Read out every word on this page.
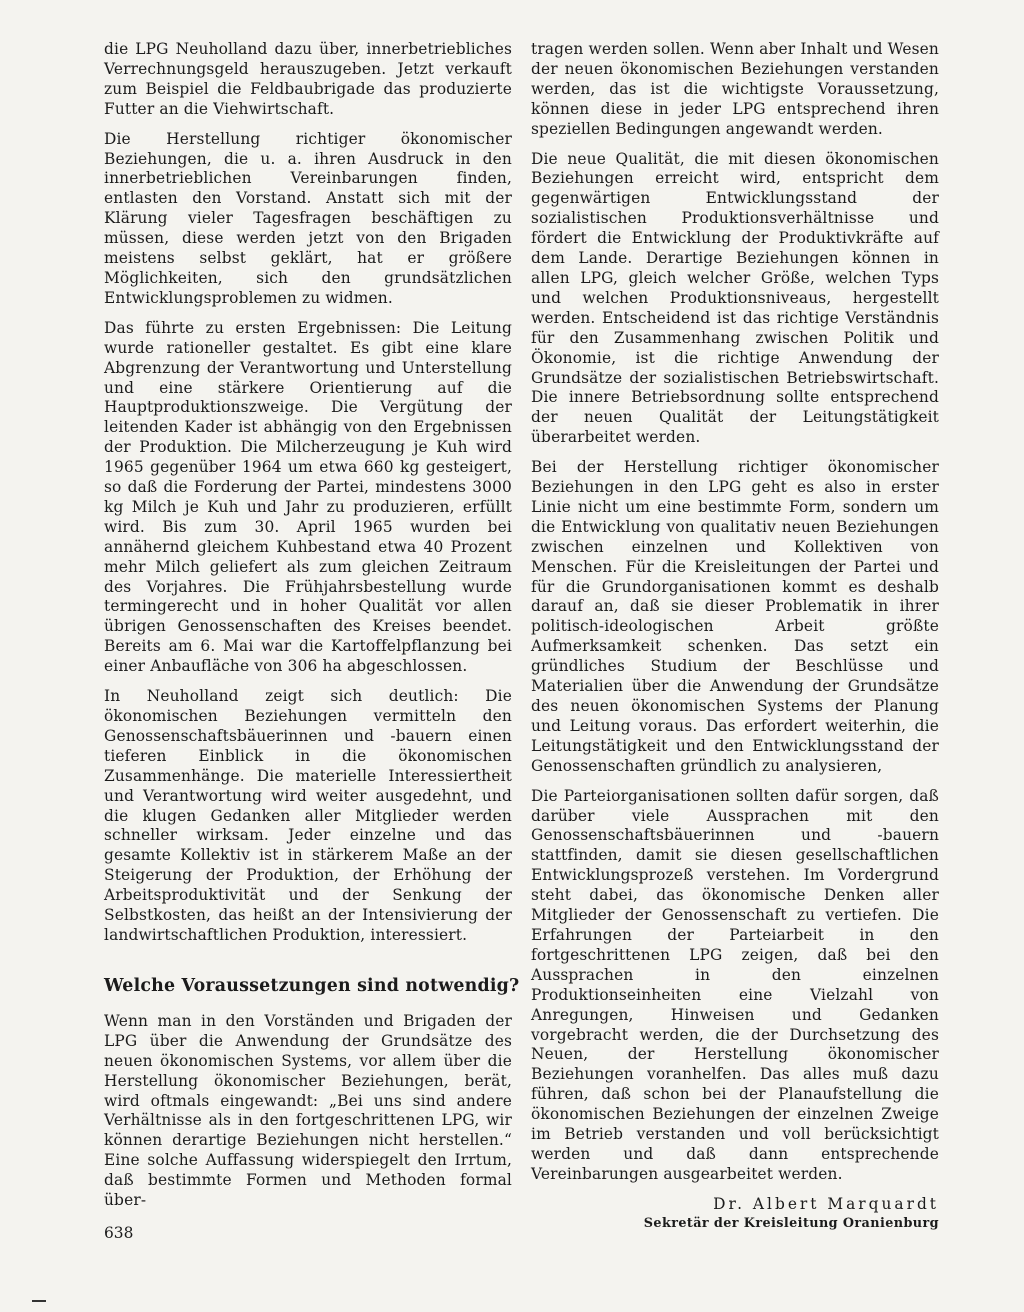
die LPG Neuholland dazu über, innerbetriebliches Verrechnungsgeld herauszugeben. Jetzt verkauft zum Beispiel die Feldbaubrigade das produzierte Futter an die Viehwirtschaft.

Die Herstellung richtiger ökonomischer Beziehungen, die u. a. ihren Ausdruck in den innerbetrieblichen Vereinbarungen finden, entlasten den Vorstand. Anstatt sich mit der Klärung vieler Tagesfragen beschäftigen zu müssen, diese werden jetzt von den Brigaden meistens selbst geklärt, hat er größere Möglichkeiten, sich den grundsätzlichen Entwicklungsproblemen zu widmen.

Das führte zu ersten Ergebnissen: Die Leitung wurde rationeller gestaltet. Es gibt eine klare Abgrenzung der Verantwortung und Unterstellung und eine stärkere Orientierung auf die Hauptproduktionszweige. Die Vergütung der leitenden Kader ist abhängig von den Ergebnissen der Produktion. Die Milcherzeugung je Kuh wird 1965 gegenüber 1964 um etwa 660 kg gesteigert, so daß die Forderung der Partei, mindestens 3000 kg Milch je Kuh und Jahr zu produzieren, erfüllt wird. Bis zum 30. April 1965 wurden bei annähernd gleichem Kuhbestand etwa 40 Prozent mehr Milch geliefert als zum gleichen Zeitraum des Vorjahres. Die Frühjahrsbestellung wurde termingerecht und in hoher Qualität vor allen übrigen Genossenschaften des Kreises beendet. Bereits am 6. Mai war die Kartoffelpflanzung bei einer Anbaufläche von 306 ha abgeschlossen.

In Neuholland zeigt sich deutlich: Die ökonomischen Beziehungen vermitteln den Genossenschaftsbäuerinnen und -bauern einen tieferen Einblick in die ökonomischen Zusammenhänge. Die materielle Interessiertheit und Verantwortung wird weiter ausgedehnt, und die klugen Gedanken aller Mitglieder werden schneller wirksam. Jeder einzelne und das gesamte Kollektiv ist in stärkerem Maße an der Steigerung der Produktion, der Erhöhung der Arbeitsproduktivität und der Senkung der Selbstkosten, das heißt an der Intensivierung der landwirtschaftlichen Produktion, interessiert.

Welche Voraussetzungen sind notwendig?

Wenn man in den Vorständen und Brigaden der LPG über die Anwendung der Grundsätze des neuen ökonomischen Systems, vor allem über die Herstellung ökonomischer Beziehungen, berät, wird oftmals eingewandt: „Bei uns sind andere Verhältnisse als in den fortgeschrittenen LPG, wir können derartige Beziehungen nicht herstellen.“ Eine solche Auffassung widerspiegelt den Irrtum, daß bestimmte Formen und Methoden formal über-

tragen werden sollen. Wenn aber Inhalt und Wesen der neuen ökonomischen Beziehungen verstanden werden, das ist die wichtigste Voraussetzung, können diese in jeder LPG entsprechend ihren speziellen Bedingungen angewandt werden.

Die neue Qualität, die mit diesen ökonomischen Beziehungen erreicht wird, entspricht dem gegenwärtigen Entwicklungsstand der sozialistischen Produktionsverhältnisse und fördert die Entwicklung der Produktivkräfte auf dem Lande. Derartige Beziehungen können in allen LPG, gleich welcher Größe, welchen Typs und welchen Produktionsniveaus, hergestellt werden. Entscheidend ist das richtige Verständnis für den Zusammenhang zwischen Politik und Ökonomie, ist die richtige Anwendung der Grundsätze der sozialistischen Betriebswirtschaft. Die innere Betriebsordnung sollte entsprechend der neuen Qualität der Leitungstätigkeit überarbeitet werden.

Bei der Herstellung richtiger ökonomischer Beziehungen in den LPG geht es also in erster Linie nicht um eine bestimmte Form, sondern um die Entwicklung von qualitativ neuen Beziehungen zwischen einzelnen und Kollektiven von Menschen. Für die Kreisleitungen der Partei und für die Grundorganisationen kommt es deshalb darauf an, daß sie dieser Problematik in ihrer politisch-ideologischen Arbeit größte Aufmerksamkeit schenken. Das setzt ein gründliches Studium der Beschlüsse und Materialien über die Anwendung der Grundsätze des neuen ökonomischen Systems der Planung und Leitung voraus. Das erfordert weiterhin, die Leitungstätigkeit und den Entwicklungsstand der Genossenschaften gründlich zu analysieren,

Die Parteiorganisationen sollten dafür sorgen, daß darüber viele Aussprachen mit den Genossenschaftsbäuerinnen und -bauern stattfinden, damit sie diesen gesellschaftlichen Entwicklungsprozeß verstehen. Im Vordergrund steht dabei, das ökonomische Denken aller Mitglieder der Genossenschaft zu vertiefen. Die Erfahrungen der Parteiarbeit in den fortgeschrittenen LPG zeigen, daß bei den Aussprachen in den einzelnen Produktionseinheiten eine Vielzahl von Anregungen, Hinweisen und Gedanken vorgebracht werden, die der Durchsetzung des Neuen, der Herstellung ökonomischer Beziehungen voranhelfen. Das alles muß dazu führen, daß schon bei der Planaufstellung die ökonomischen Beziehungen der einzelnen Zweige im Betrieb verstanden und voll berücksichtigt werden und daß dann entsprechende Vereinbarungen ausgearbeitet werden.

Dr. Albert Marquardt
Sekretär der Kreisleitung Oranienburg
638
